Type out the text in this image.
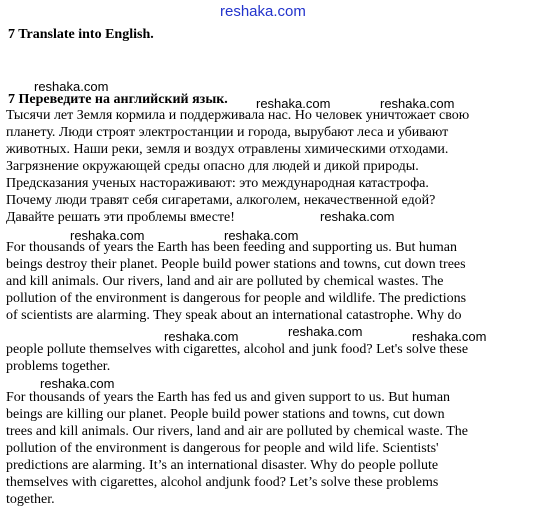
reshaka.com
7 Translate into English.
reshaka.com
7 Переведите на английский язык. reshaka.com	reshaka.com
Тысячи лет Земля кормила и поддерживала нас. Но человек уничтожает свою
планету. Люди строят электростанции и города, вырубают леса и убивают
животных. Наши реки, земля и воздух отравлены химическими отходами.
Загрязнение окружающей среды опасно для людей и дикой природы.
Предсказания ученых настораживают: это международная катастрофа.
Почему люди травят себя сигаретами, алкоголем, некачественной едой?
Давайте решать эти проблемы вместе!	reshaka.com
reshaka.com	reshaka.com
For thousands of years the Earth has been feeding and supporting us. But human
beings destroy their planet. People build power stations and towns, cut down trees
and kill animals. Our rivers, land and air are polluted by chemical wastes. The
pollution of the environment is dangerous for people and wildlife. The predictions
of scientists are alarming. They speak about an international catastrophe. Why do
people pollute themselves with cigarettes, alcohol and junk food? Let's solve these
problems together.
reshaka.com	reshaka.com	reshaka.com
reshaka.com
For thousands of years the Earth has fed us and given support to us. But human
beings are killing our planet. People build power stations and towns, cut down
trees and kill animals. Our rivers, land and air are polluted by chemical waste. The
pollution of the environment is dangerous for people and wild life. Scientists'
predictions are alarming. It’s an international disaster. Why do people pollute
themselves with cigarettes, alcohol andjunk food? Let’s solve these problems
together.
